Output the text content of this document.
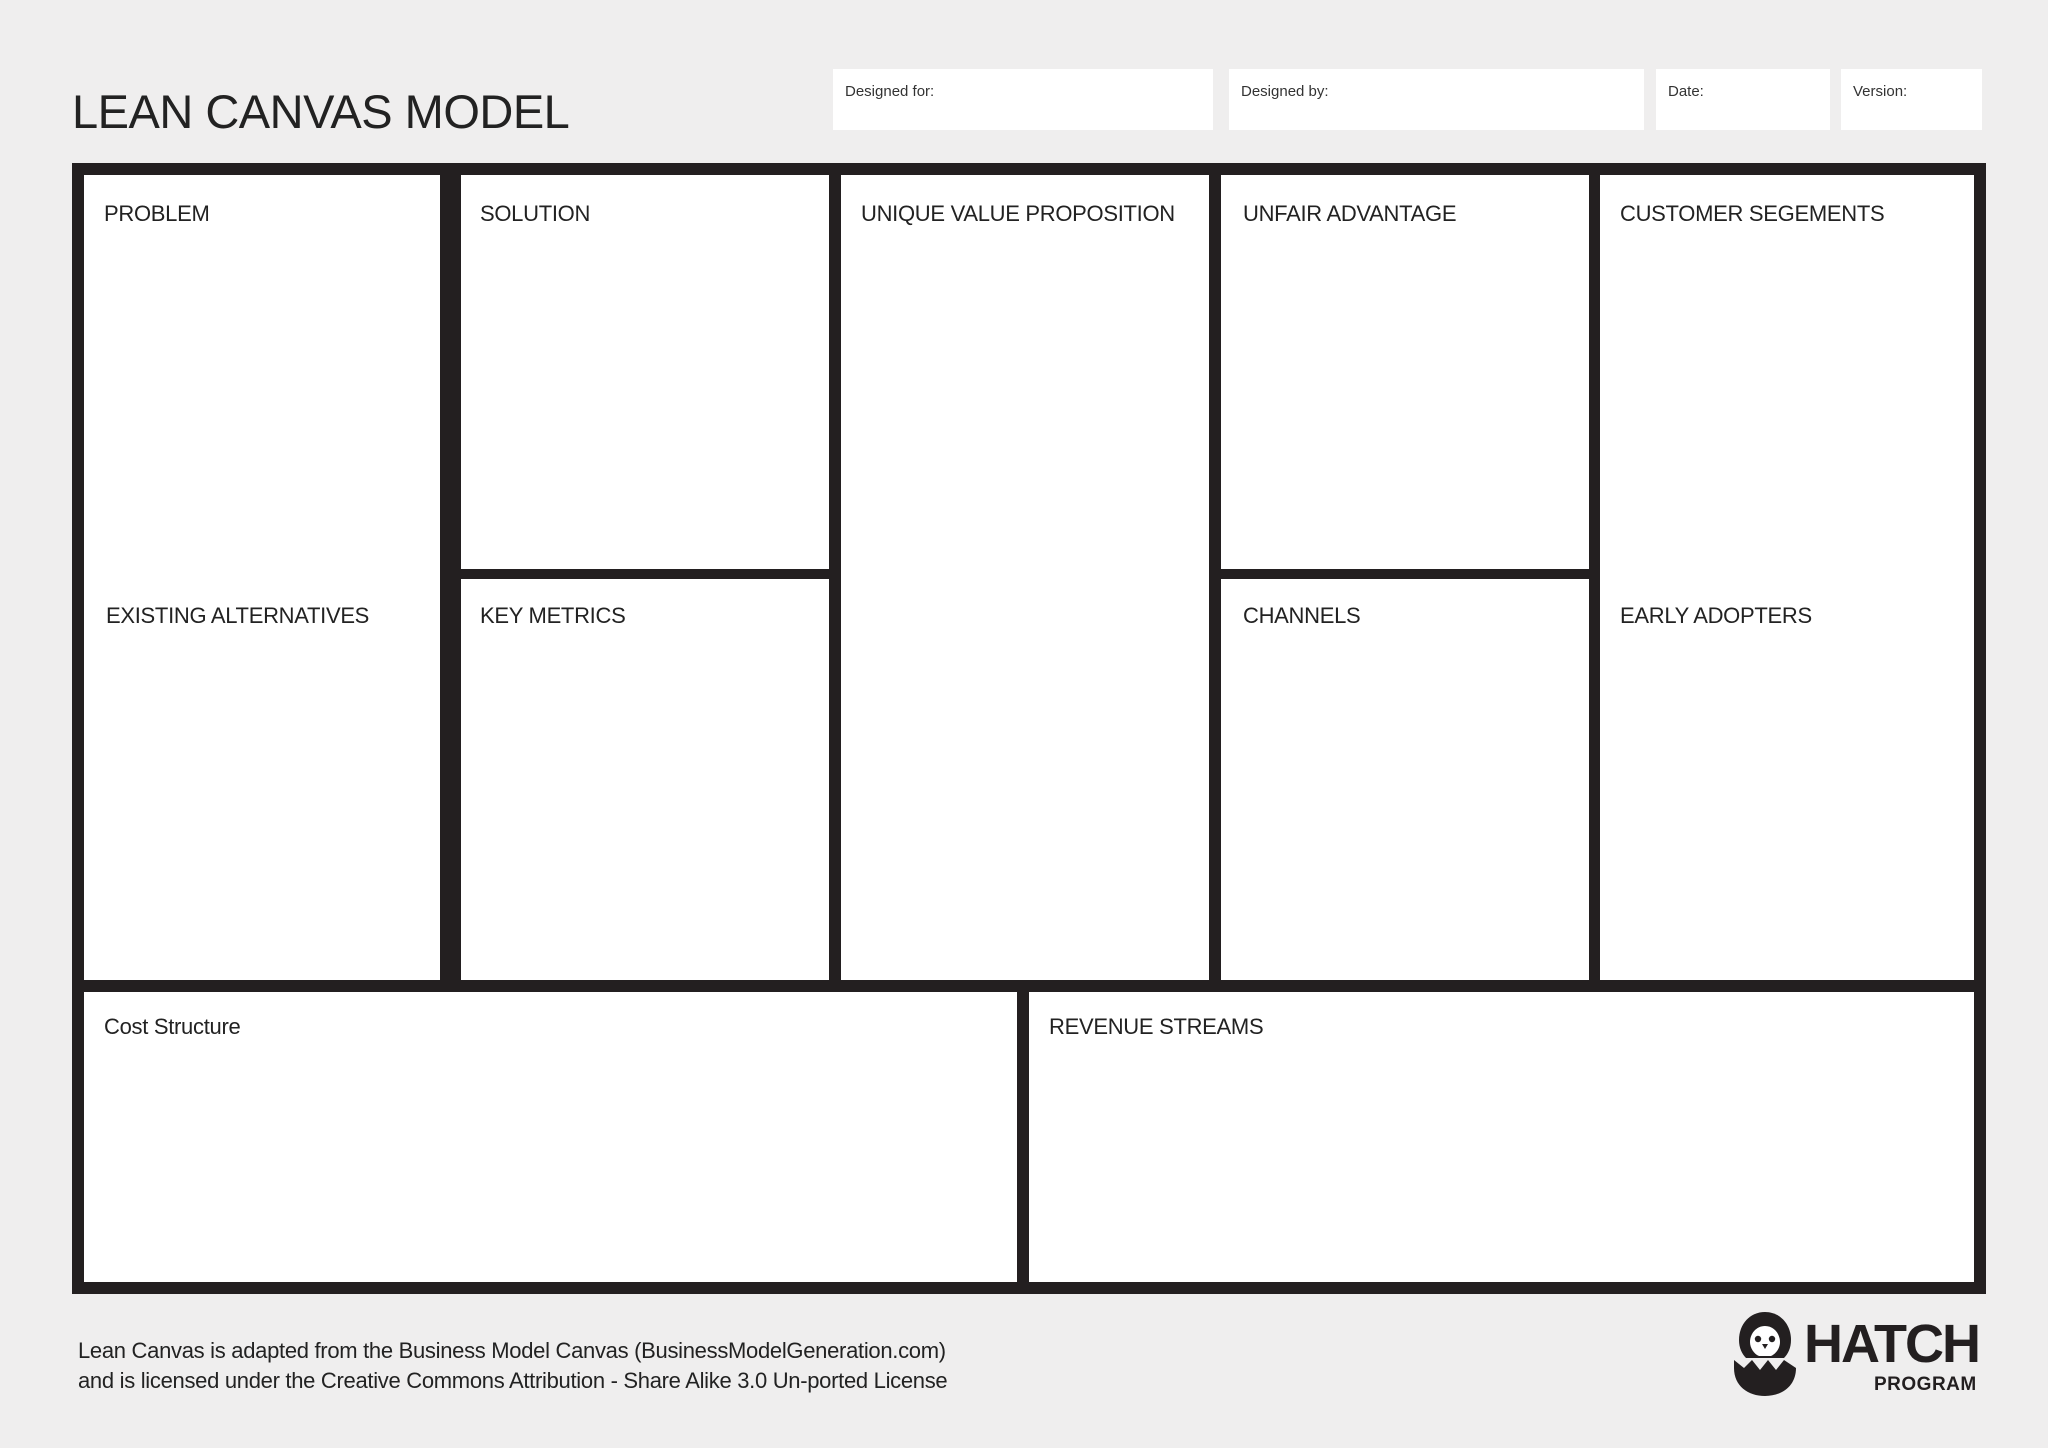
LEAN CANVAS MODEL	Designed for:	Designed by:	Date:	Version:
PROBLEM
EXISTING ALTERNATIVES
SOLUTION
KEY METRICS
UNIQUE VALUE PROPOSITION	UNFAIR ADVANTAGE
CHANNELS
CUSTOMER SEGEMENTS
EARLY ADOPTERS
Cost Structure	REVENUE STREAMS
Lean Canvas is adapted from the Business Model Canvas (BusinessModelGeneration.com)
and is licensed under the Creative Commons Attribution - Share Alike 3.0 Un-ported License
HATCH
PROGRAM
